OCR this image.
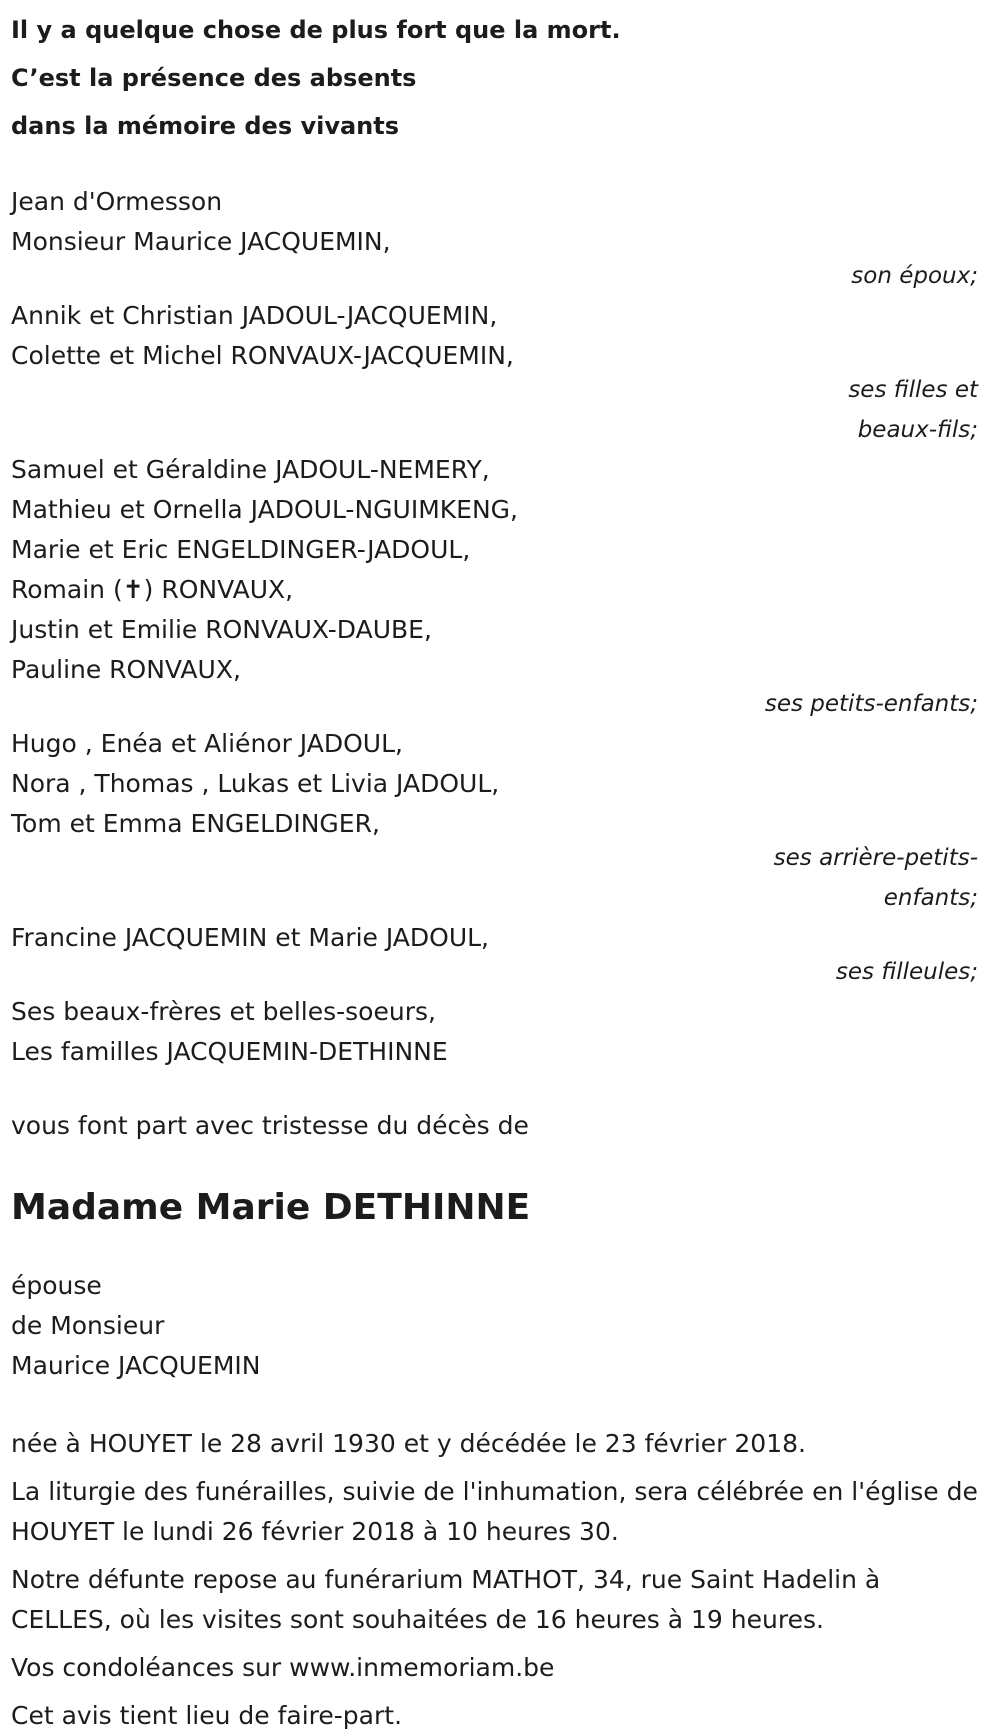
Il y a quelque chose de plus fort que la mort.

C’est la présence des absents

dans la mémoire des vivants

Jean d'Ormesson
Monsieur Maurice JACQUEMIN,
son époux;
Annik et Christian JADOUL-JACQUEMIN,
Colette et Michel RONVAUX-JACQUEMIN,
ses filles et
beaux-fils;
Samuel et Géraldine JADOUL-NEMERY,
Mathieu et Ornella JADOUL-NGUIMKENG,
Marie et Eric ENGELDINGER-JADOUL,
Romain (✝) RONVAUX,
Justin et Emilie RONVAUX-DAUBE,
Pauline RONVAUX,
ses petits-enfants;
Hugo , Enéa et Aliénor JADOUL,
Nora , Thomas , Lukas et Livia JADOUL,
Tom et Emma ENGELDINGER,
ses arrière-petits-
enfants;
Francine JACQUEMIN et Marie JADOUL,
ses filleules;
Ses beaux-frères et belles-soeurs,
Les familles JACQUEMIN-DETHINNE
vous font part avec tristesse du décès de
Madame Marie DETHINNE
épouse
de Monsieur
Maurice JACQUEMIN

née à HOUYET le 28 avril 1930 et y décédée le 23 février 2018.

La liturgie des funérailles, suivie de l'inhumation, sera célébrée en l'église de HOUYET le lundi 26 février 2018 à 10 heures 30.

Notre défunte repose au funérarium MATHOT, 34, rue Saint Hadelin à CELLES, où les visites sont souhaitées de 16 heures à 19 heures.

Vos condoléances sur www.inmemoriam.be

Cet avis tient lieu de faire-part.
